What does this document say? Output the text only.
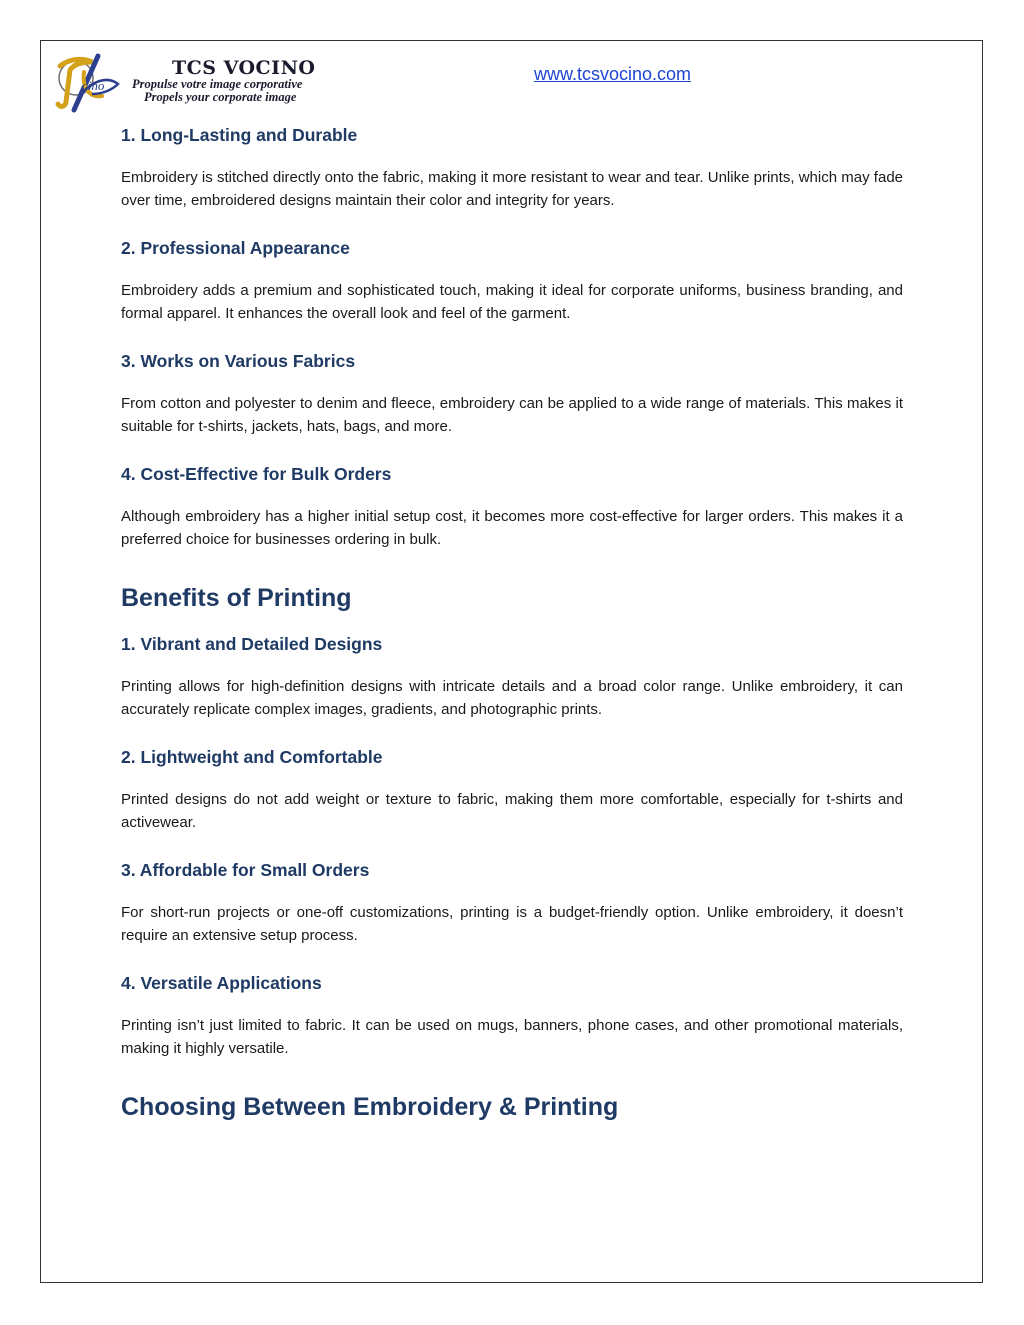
cino
TCS VOCINO
Propulse votre image corporative
Propels your corporate image
www.tcsvocino.com
1. Long-Lasting and Durable

Embroidery is stitched directly onto the fabric, making it more resistant to wear and tear. Unlike prints, which may fade over time, embroidered designs maintain their color and integrity for years.

2. Professional Appearance

Embroidery adds a premium and sophisticated touch, making it ideal for corporate uniforms, business branding, and formal apparel. It enhances the overall look and feel of the garment.

3. Works on Various Fabrics

From cotton and polyester to denim and fleece, embroidery can be applied to a wide range of materials. This makes it suitable for t-shirts, jackets, hats, bags, and more.

4. Cost-Effective for Bulk Orders

Although embroidery has a higher initial setup cost, it becomes more cost-effective for larger orders. This makes it a preferred choice for businesses ordering in bulk.

Benefits of Printing
1. Vibrant and Detailed Designs

Printing allows for high-definition designs with intricate details and a broad color range. Unlike embroidery, it can accurately replicate complex images, gradients, and photographic prints.

2. Lightweight and Comfortable

Printed designs do not add weight or texture to fabric, making them more comfortable, especially for t-shirts and activewear.

3. Affordable for Small Orders

For short-run projects or one-off customizations, printing is a budget-friendly option. Unlike embroidery, it doesn’t require an extensive setup process.

4. Versatile Applications

Printing isn’t just limited to fabric. It can be used on mugs, banners, phone cases, and other promotional materials, making it highly versatile.

Choosing Between Embroidery & Printing
